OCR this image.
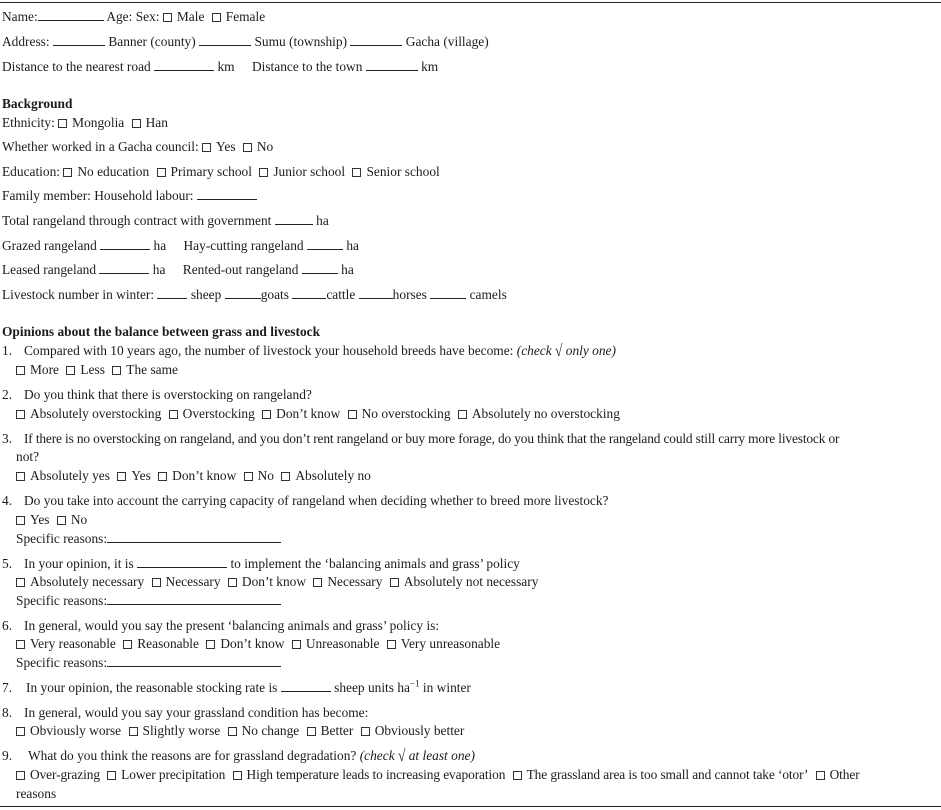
Name:	Age: Sex: Male Female
Address:	Banner (county)	Sumu (township)	Gacha (village)
Distance to the nearest road	km Distance to the town	km
Background
Ethnicity: Mongolia Han
Whether worked in a Gacha council: Yes No
Education: No education Primary school Junior school Senior school
Family member: Household labour:
Total rangeland through contract with government	ha
Grazed rangeland	ha Hay-cutting rangeland	ha
Leased rangeland	ha Rented-out rangeland	ha
Livestock number in winter:	sheep	goats	cattle	horses	camels
Opinions about the balance between grass and livestock
1. Compared with 10 years ago, the number of livestock your household breeds have become: (check √ only one)
More Less The same
2. Do you think that there is overstocking on rangeland?
Absolutely overstocking Overstocking Don’t know No overstocking Absolutely no overstocking
3. If there is no overstocking on rangeland, and you don’t rent rangeland or buy more forage, do you think that the rangeland could still carry more livestock or
not?
Absolutely yes Yes Don’t know No Absolutely no
4. Do you take into account the carrying capacity of rangeland when deciding whether to breed more livestock?
Yes No
Specific reasons:
5. In your opinion, it is	to implement the ‘balancing animals and grass’ policy
Absolutely necessary Necessary Don’t know Necessary Absolutely not necessary
Specific reasons:
6. In general, would you say the present ‘balancing animals and grass’ policy is:
Very reasonable Reasonable Don’t know Unreasonable Very unreasonable
Specific reasons:
7. In your opinion, the reasonable stocking rate is	sheep units $ha^{-1}$ in winter
8. In general, would you say your grassland condition has become:
Obviously worse Slightly worse No change Better Obviously better
9. What do you think the reasons are for grassland degradation? (check √ at least one)
Over-grazing Lower precipitation High temperature leads to increasing evaporation The grassland area is too small and cannot take ‘otor’ Other
reasons
